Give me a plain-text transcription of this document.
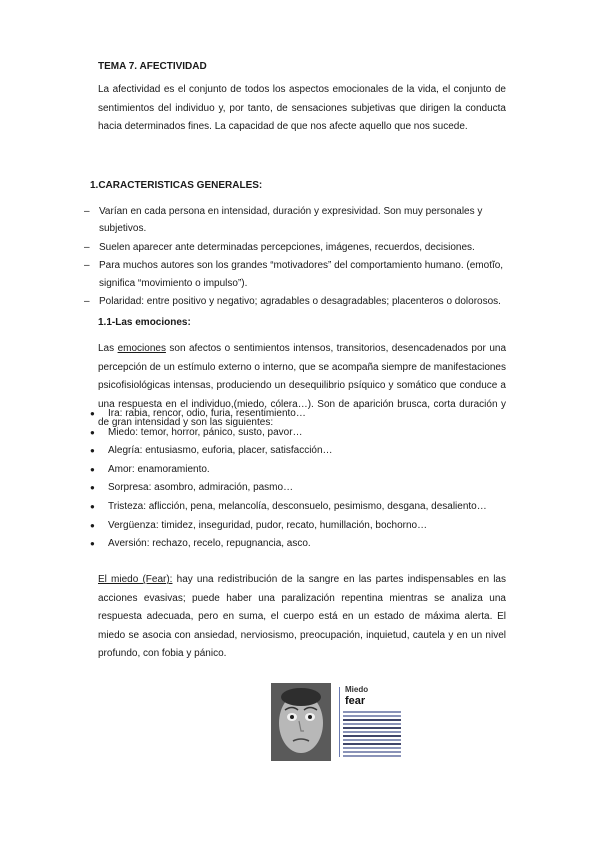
TEMA 7. AFECTIVIDAD
La afectividad es el conjunto de todos los aspectos emocionales de la vida, el conjunto de sentimientos del individuo y, por tanto, de sensaciones subjetivas que dirigen la conducta hacia determinados fines. La capacidad de que nos afecte aquello que nos sucede.
1.CARACTERISTICAS GENERALES:
– Varían en cada persona en intensidad, duración y expresividad. Son muy personales y subjetivos.
– Suelen aparecer ante determinadas percepciones, imágenes, recuerdos, decisiones.
– Para muchos autores son los grandes “motivadores” del comportamiento humano. (emotĩo, significa “movimiento o impulso”).
– Polaridad: entre positivo y negativo; agradables o desagradables; placenteros o dolorosos.
1.1-Las emociones:
Las emociones son afectos o sentimientos intensos, transitorios, desencadenados por una percepción de un estímulo externo o interno, que se acompaña siempre de manifestaciones psicofisiológicas intensas, produciendo un desequilibrio psíquico y somático que conduce a una respuesta en el individuo,(miedo, cólera…). Son de aparición brusca, corta duración y de gran intensidad y son las siguientes:
●	Ira: rabia, rencor, odio, furia, resentimiento…
●	Miedo: temor, horror, pánico, susto, pavor…
●	Alegría: entusiasmo, euforia, placer, satisfacción…
●	Amor: enamoramiento.
●	Sorpresa: asombro, admiración, pasmo…
●	Tristeza: aflicción, pena, melancolía, desconsuelo, pesimismo, desgana, desaliento…
●	Vergüenza: timidez, inseguridad, pudor, recato, humillación, bochorno…
●	Aversión: rechazo, recelo, repugnancia, asco.
El miedo (Fear): hay una redistribución de la sangre en las partes indispensables en las acciones evasivas; puede haber una paralización repentina mientras se analiza una respuesta adecuada, pero en suma, el cuerpo está en un estado de máxima alerta. El miedo se asocia con ansiedad, nerviosismo, preocupación, inquietud, cautela y en un nivel profundo, con fobia y pánico.
Miedo
fear
